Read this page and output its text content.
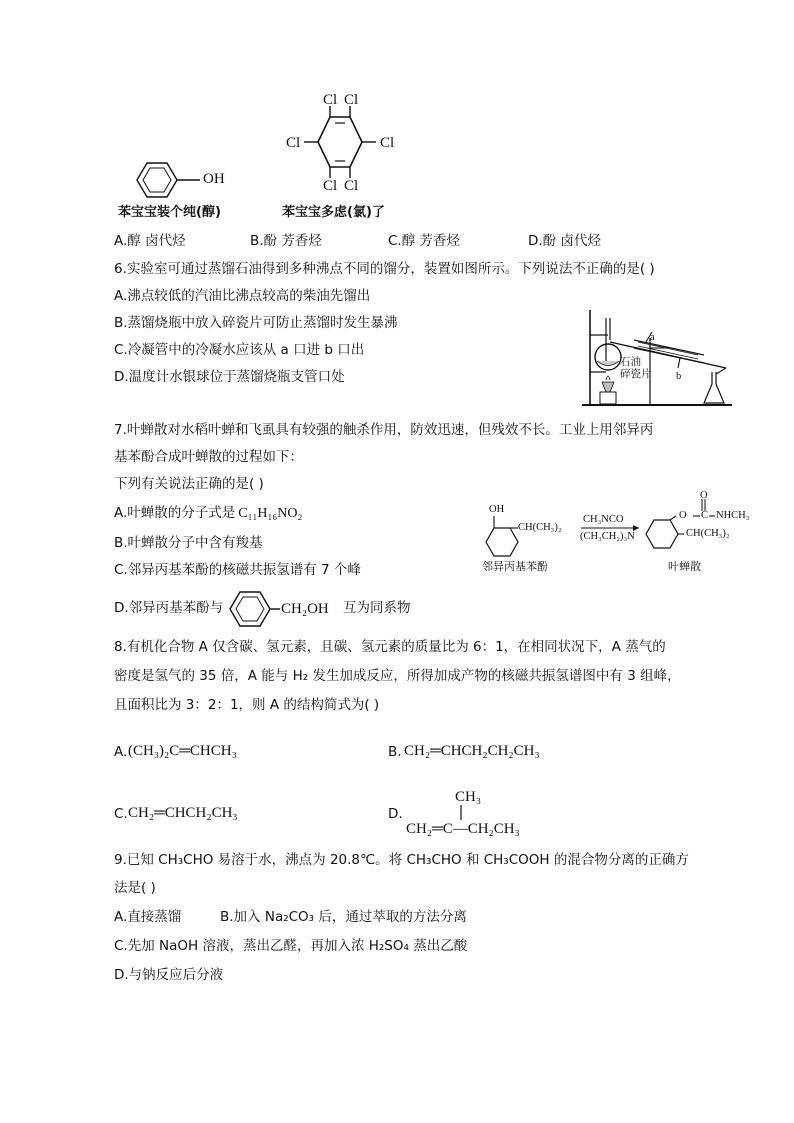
OH
苯宝宝装个纯(醇)
Cl Cl
Cl	Cl
Cl Cl
苯宝宝多虑(氯)了
A.醇 卤代烃	B.酚 芳香烃	C.醇 芳香烃	D.酚 卤代烃
6.实验室可通过蒸馏石油得到多种沸点不同的馏分，装置如图所示。下列说法不正确的是( )
A.沸点较低的汽油比沸点较高的柴油先馏出
B.蒸馏烧瓶中放入碎瓷片可防止蒸馏时发生暴沸
C.冷凝管中的冷凝水应该从 a 口进 b 口出
D.温度计水银球位于蒸馏烧瓶支管口处
a
b
石油
碎瓷片
7.叶蝉散对水稻叶蝉和飞虱具有较强的触杀作用，防效迅速，但残效不长。工业上用邻异丙
基苯酚合成叶蝉散的过程如下：
下列有关说法正确的是( )
A.叶蝉散的分子式是 C₁₁H₁₆NO₂
B.叶蝉散分子中含有羧基
C.邻异丙基苯酚的核磁共振氢谱有 7 个峰
D.邻异丙基苯酚与	CH₂OH 互为同系物
OH
CH(CH₃)₂
CH₃NCO
(CH₃CH₂)₃N
O
O
C NHCH₃
CH(CH₃)₂
邻异丙基苯酚	叶蝉散
8.有机化合物 A 仅含碳、氢元素，且碳、氢元素的质量比为 6：1，在相同状况下，A 蒸气的
密度是氢气的 35 倍，A 能与 H₂ 发生加成反应，所得加成产物的核磁共振氢谱图中有 3 组峰，
且面积比为 3：2：1，则 A 的结构简式为( )
A. (CH₃)₂C═CHCH₃	B. CH₂═CHCH₂CH₂CH₃
C. CH₂═CHCH₂CH₃	D.
CH₃
CH₂═C—CH₂CH₃
9.已知 CH₃CHO 易溶于水，沸点为 20.8℃。将 CH₃CHO 和 CH₃COOH 的混合物分离的正确方
法是( )
A.直接蒸馏	B.加入 Na₂CO₃ 后，通过萃取的方法分离
C.先加 NaOH 溶液，蒸出乙醛，再加入浓 H₂SO₄ 蒸出乙酸
D.与钠反应后分液
